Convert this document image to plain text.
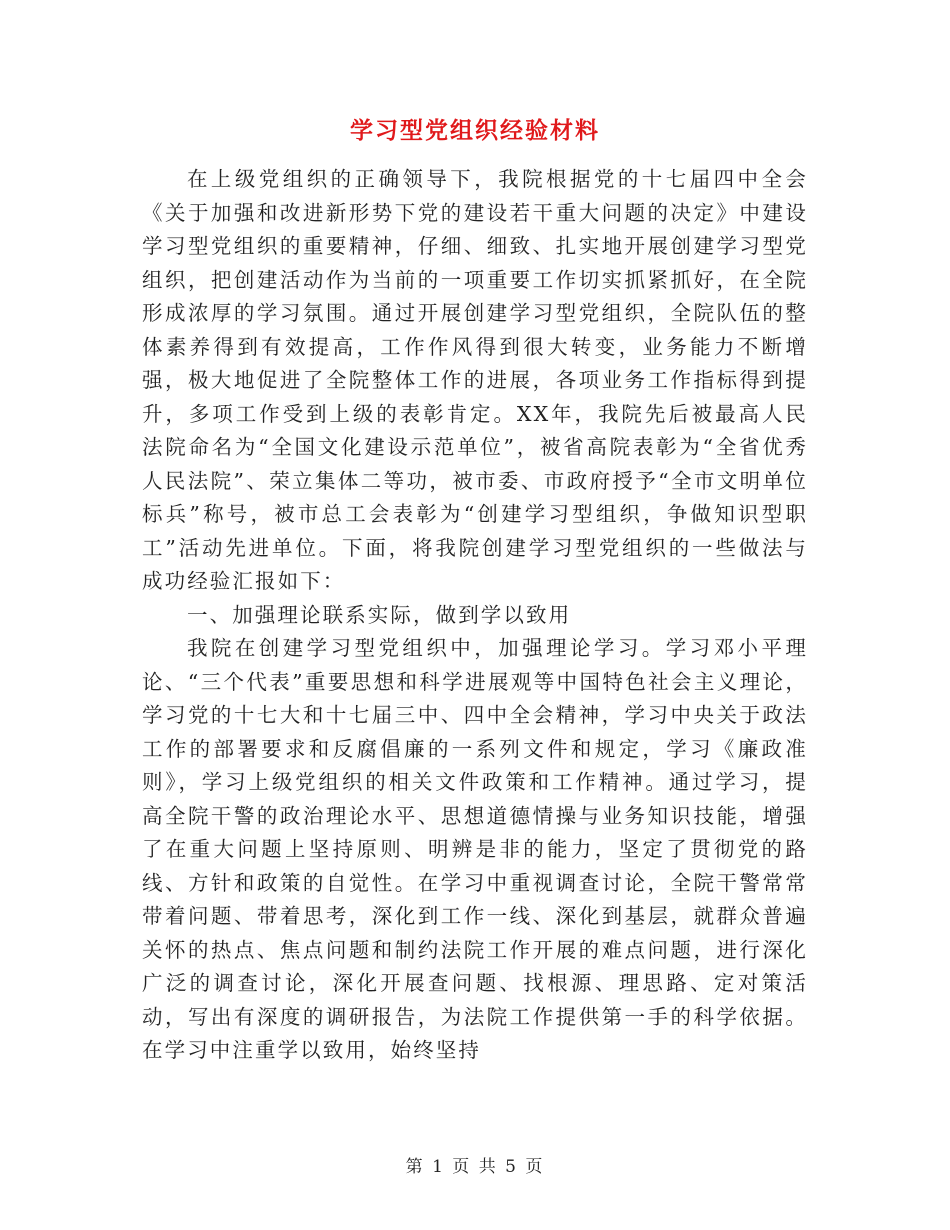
学习型党组织经验材料

在上级党组织的正确领导下，我院根据党的十七届四中全会《关于加强和改进新形势下党的建设若干重大问题的决定》中建设学习型党组织的重要精神，仔细、细致、扎实地开展创建学习型党组织，把创建活动作为当前的一项重要工作切实抓紧抓好，在全院形成浓厚的学习氛围。通过开展创建学习型党组织，全院队伍的整体素养得到有效提高，工作作风得到很大转变，业务能力不断增强，极大地促进了全院整体工作的进展，各项业务工作指标得到提升，多项工作受到上级的表彰肯定。XX年，我院先后被最高人民法院命名为“全国文化建设示范单位”，被省高院表彰为“全省优秀人民法院”、荣立集体二等功，被市委、市政府授予“全市文明单位标兵”称号，被市总工会表彰为“创建学习型组织，争做知识型职工”活动先进单位。下面，将我院创建学习型党组织的一些做法与成功经验汇报如下：

一、加强理论联系实际，做到学以致用

我院在创建学习型党组织中，加强理论学习。学习邓小平理论、“三个代表”重要思想和科学进展观等中国特色社会主义理论，学习党的十七大和十七届三中、四中全会精神，学习中央关于政法工作的部署要求和反腐倡廉的一系列文件和规定，学习《廉政准则》，学习上级党组织的相关文件政策和工作精神。通过学习，提高全院干警的政治理论水平、思想道德情操与业务知识技能，增强了在重大问题上坚持原则、明辨是非的能力，坚定了贯彻党的路线、方针和政策的自觉性。在学习中重视调查讨论，全院干警常常带着问题、带着思考，深化到工作一线、深化到基层，就群众普遍关怀的热点、焦点问题和制约法院工作开展的难点问题，进行深化广泛的调查讨论，深化开展查问题、找根源、理思路、定对策活动，写出有深度的调研报告，为法院工作提供第一手的科学依据。在学习中注重学以致用，始终坚持

第 1 页 共 5 页
